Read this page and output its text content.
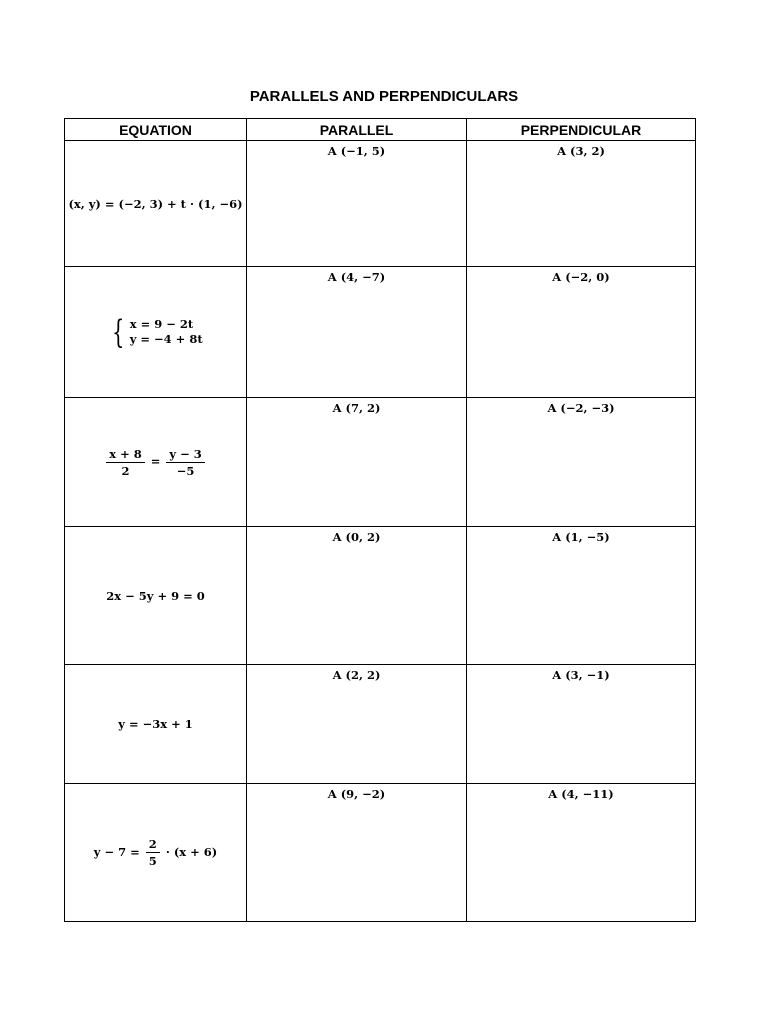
PARALLELS AND PERPENDICULARS
EQUATION	PARALLEL	PERPENDICULAR
(x, y) = (−2, 3) + t · (1, −6)	A (−1, 5)	A (3, 2)

{ x = 9 − 2t
y = −4 + 8t	A (4, −7)	A (−2, 0)

$\frac{x + 8}{2} = \frac{y - 3}{-5}$	A (7, 2)	A (−2, −3)
2x − 5y + 9 = 0	A (0, 2)	A (1, −5)
y = −3x + 1	A (2, 2)	A (3, −1)
$y - 7 = \frac{2}{5} \cdot (x + 6)$	A (9, −2)	A (4, −11)
